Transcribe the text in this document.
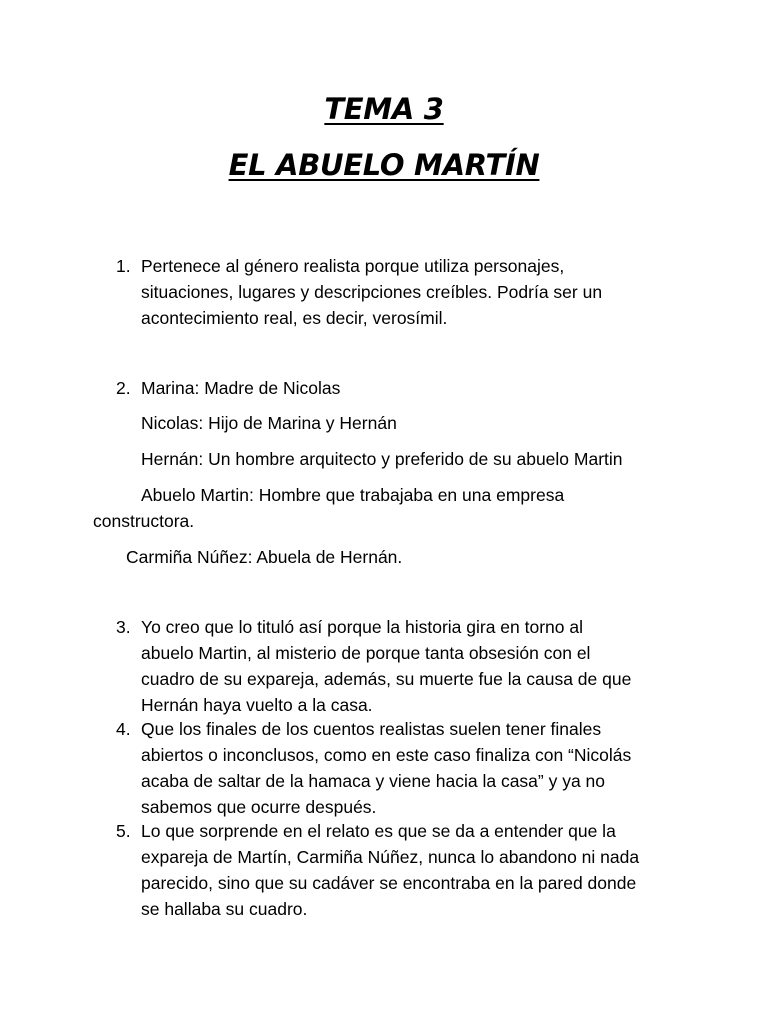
TEMA 3
EL ABUELO MARTÍN
1. Pertenece al género realista porque utiliza personajes,
situaciones, lugares y descripciones creíbles. Podría ser un
acontecimiento real, es decir, verosímil.
2. Marina: Madre de Nicolas
Nicolas: Hijo de Marina y Hernán
Hernán: Un hombre arquitecto y preferido de su abuelo Martin
Abuelo Martin: Hombre que trabajaba en una empresa
constructora.
Carmiña Núñez: Abuela de Hernán.
3. Yo creo que lo tituló así porque la historia gira en torno al
abuelo Martin, al misterio de porque tanta obsesión con el
cuadro de su expareja, además, su muerte fue la causa de que
Hernán haya vuelto a la casa.
4. Que los finales de los cuentos realistas suelen tener finales
abiertos o inconclusos, como en este caso finaliza con “Nicolás
acaba de saltar de la hamaca y viene hacia la casa” y ya no
sabemos que ocurre después.
5. Lo que sorprende en el relato es que se da a entender que la
expareja de Martín, Carmiña Núñez, nunca lo abandono ni nada
parecido, sino que su cadáver se encontraba en la pared donde
se hallaba su cuadro.
